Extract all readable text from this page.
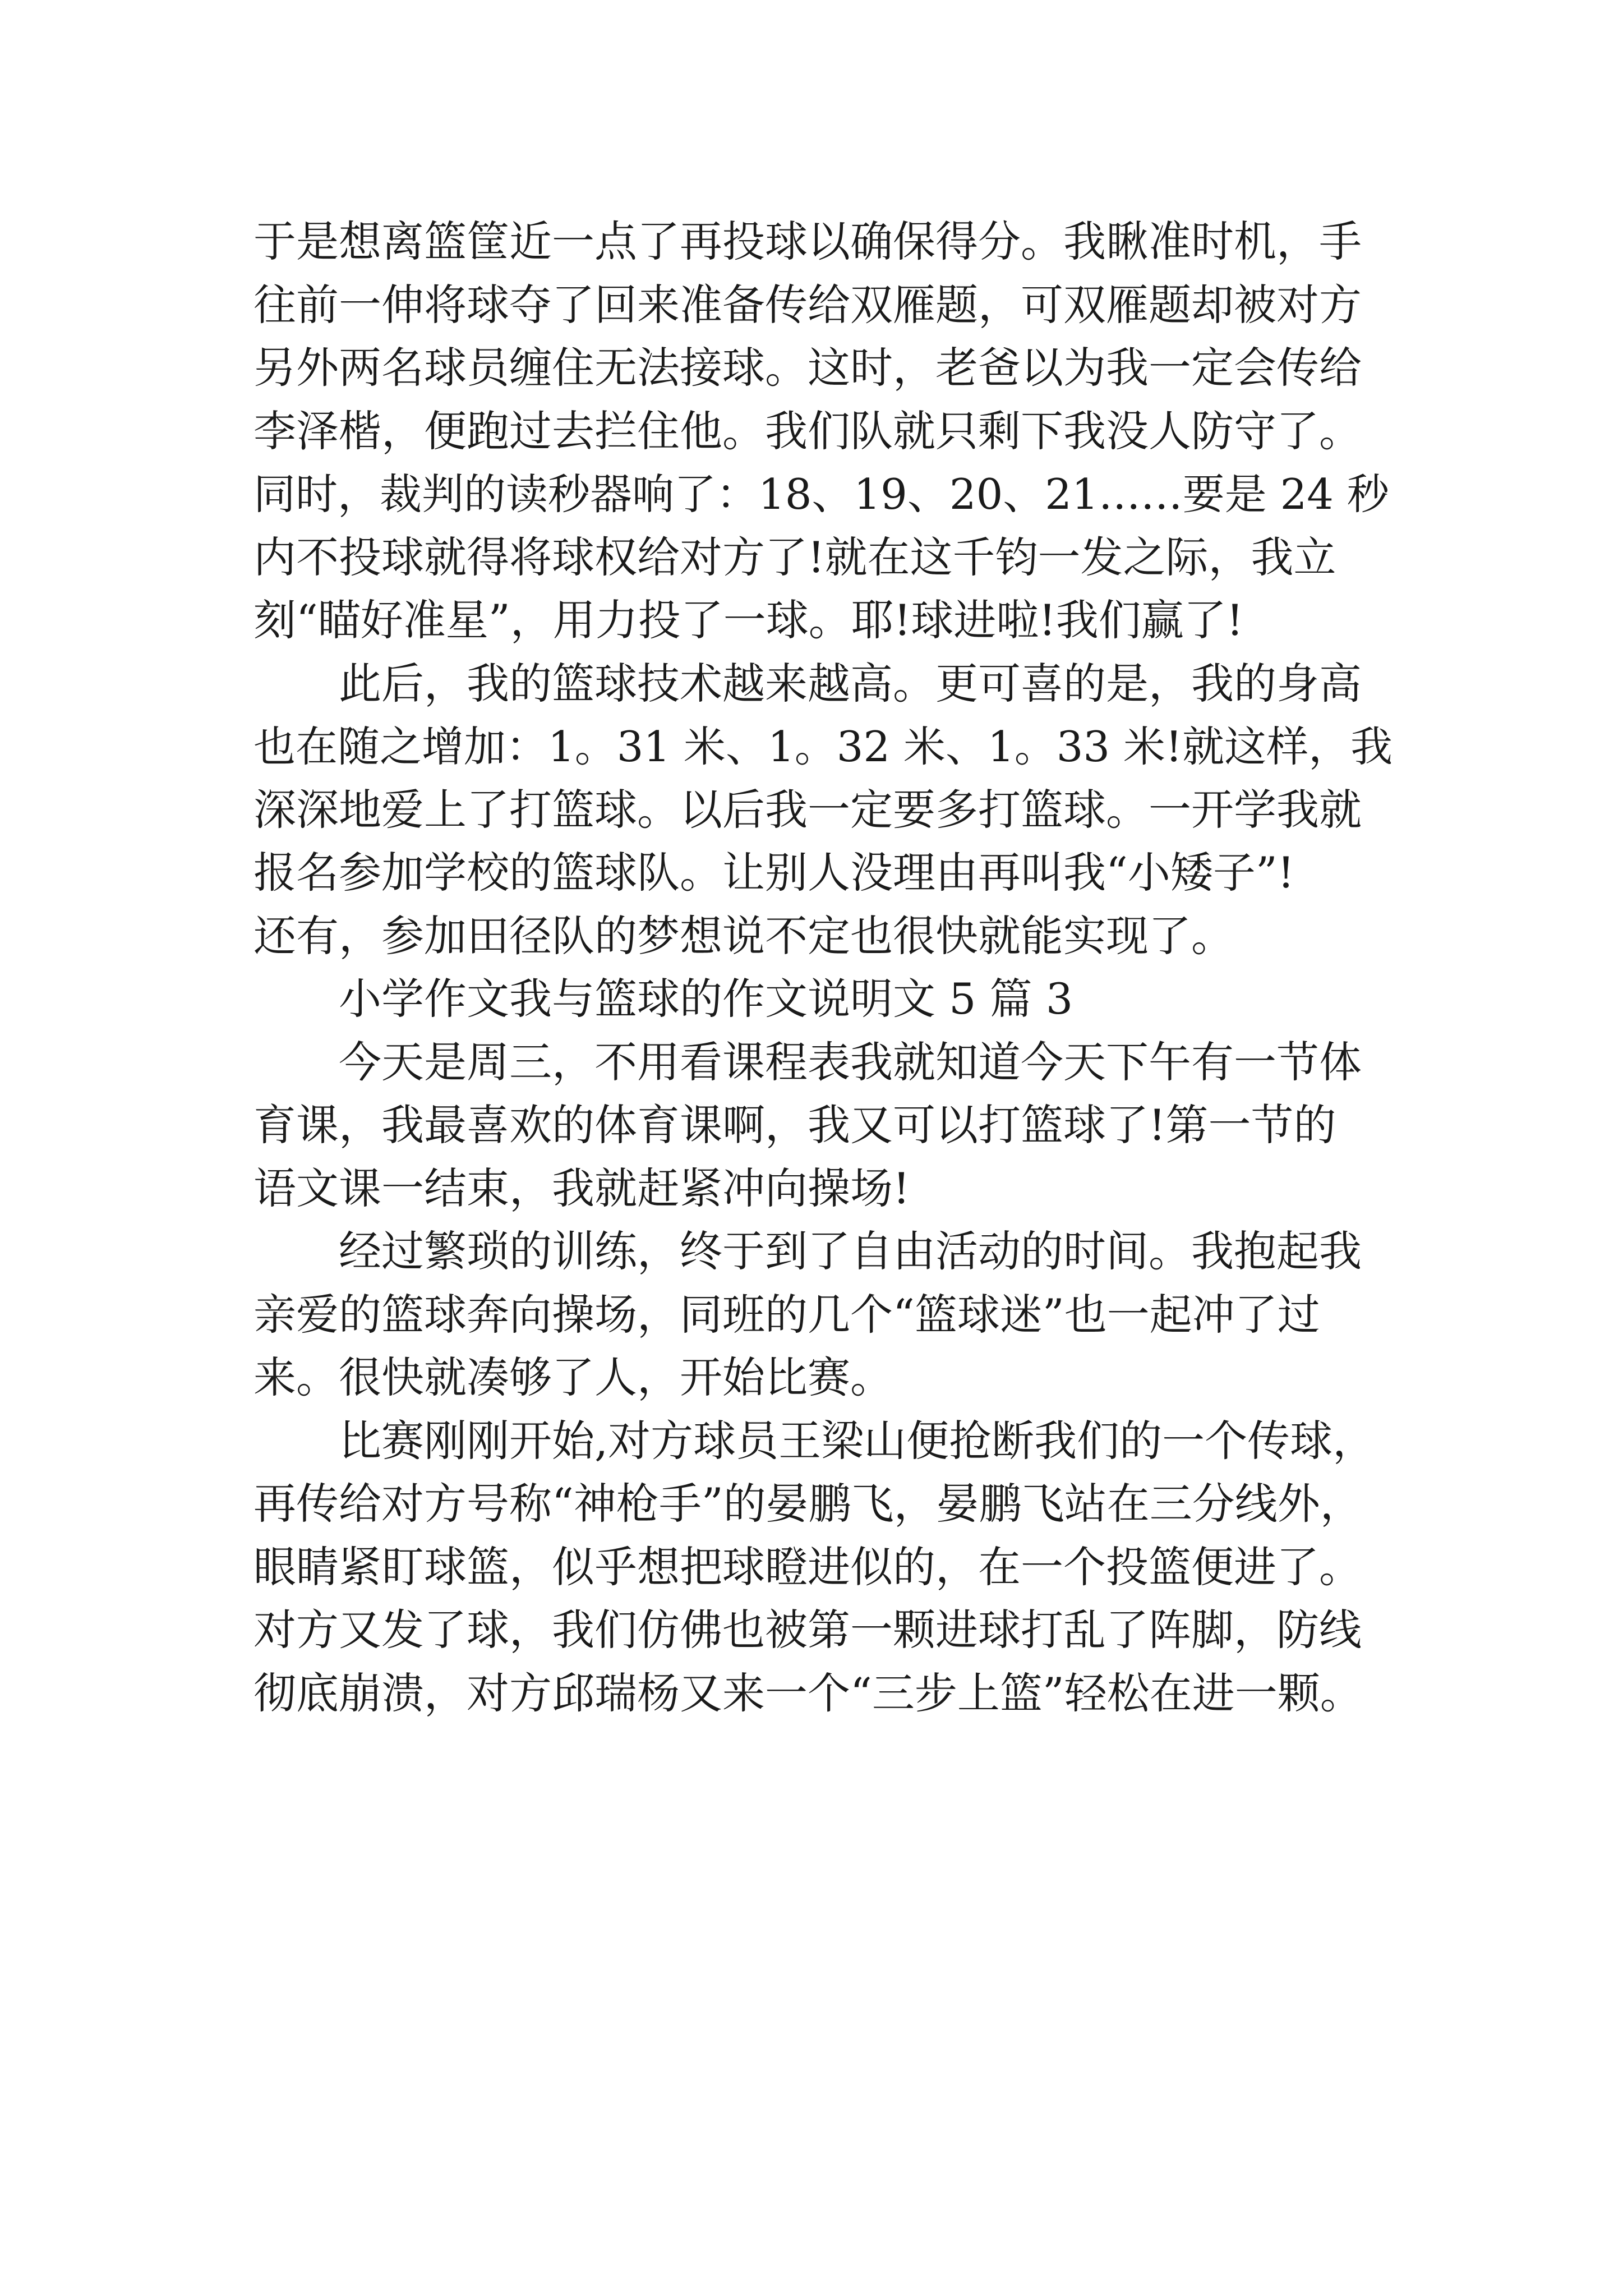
于是想离篮筐近一点了再投球以确保得分。我瞅准时机，手
往前一伸将球夺了回来准备传给双雁题，可双雁题却被对方
另外两名球员缠住无法接球。这时，老爸以为我一定会传给
李泽楷，便跑过去拦住他。我们队就只剩下我没人防守了。
同时，裁判的读秒器响了：18、19、20、21……要是 24 秒
内不投球就得将球权给对方了!就在这千钧一发之际，我立
刻“瞄好准星”，用力投了一球。耶!球进啦!我们赢了!
此后，我的篮球技术越来越高。更可喜的是，我的身高
也在随之增加：1。31 米、1。32 米、1。33 米!就这样，我
深深地爱上了打篮球。以后我一定要多打篮球。一开学我就
报名参加学校的篮球队。让别人没理由再叫我“小矮子”!
还有，参加田径队的梦想说不定也很快就能实现了。
小学作文我与篮球的作文说明文 5 篇 3
今天是周三，不用看课程表我就知道今天下午有一节体
育课，我最喜欢的体育课啊，我又可以打篮球了!第一节的
语文课一结束，我就赶紧冲向操场!
经过繁琐的训练，终于到了自由活动的时间。我抱起我
亲爱的篮球奔向操场，同班的几个“篮球迷”也一起冲了过
来。很快就凑够了人，开始比赛。
比赛刚刚开始,对方球员王梁山便抢断我们的一个传球，
再传给对方号称“神枪手”的晏鹏飞，晏鹏飞站在三分线外，
眼睛紧盯球篮，似乎想把球瞪进似的，在一个投篮便进了。
对方又发了球，我们仿佛也被第一颗进球打乱了阵脚，防线
彻底崩溃，对方邱瑞杨又来一个“三步上篮”轻松在进一颗。
